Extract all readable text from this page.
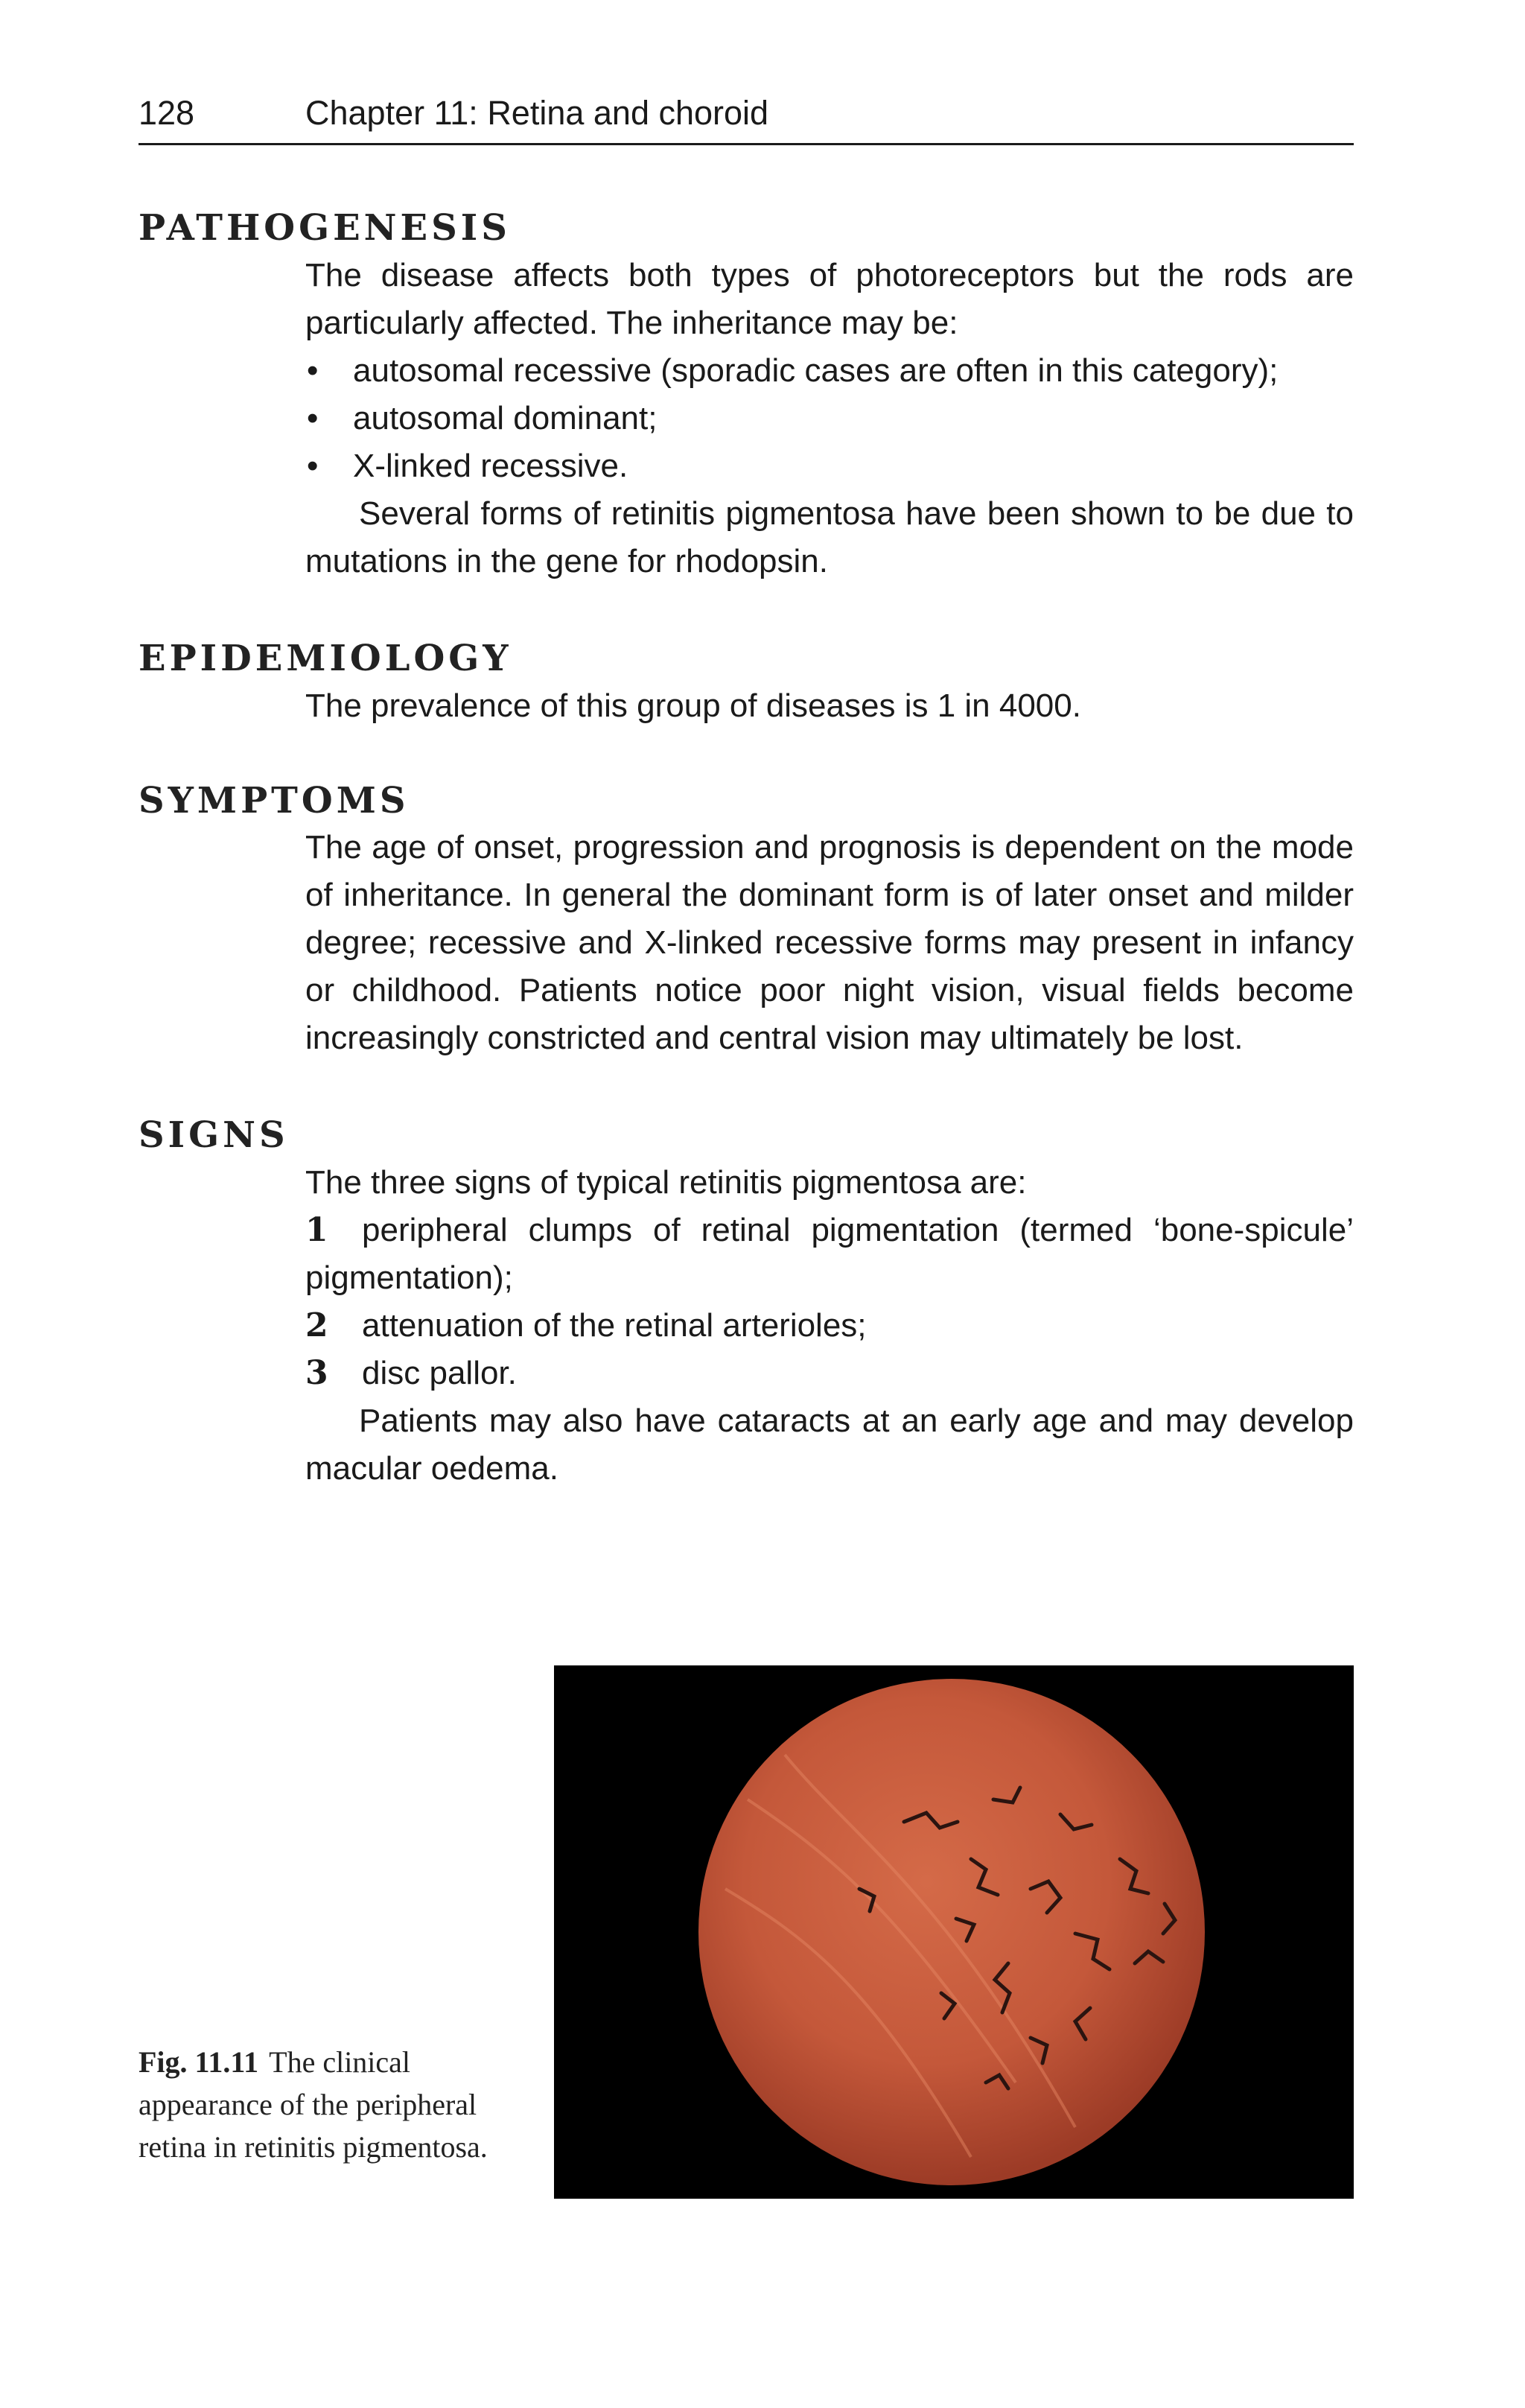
128	Chapter 11: Retina and choroid
PATHOGENESIS

The disease affects both types of photoreceptors but the rods are particularly affected. The inheritance may be:

• autosomal recessive (sporadic cases are often in this category);
• autosomal dominant;
• X-linked recessive.

Several forms of retinitis pigmentosa have been shown to be due to mutations in the gene for rhodopsin.

EPIDEMIOLOGY

The prevalence of this group of diseases is 1 in 4000.

SYMPTOMS

The age of onset, progression and prognosis is dependent on the mode of inheritance. In general the dominant form is of later onset and milder degree; recessive and X-linked recessive forms may present in infancy or childhood. Patients notice poor night vision, visual fields become increasingly constricted and central vision may ultimately be lost.

SIGNS

The three signs of typical retinitis pigmentosa are:

1 peripheral clumps of retinal pigmentation (termed ‘bone-spicule’ pigmentation);
2 attenuation of the retinal arterioles;
3 disc pallor.

Patients may also have cataracts at an early age and may develop macular oedema.

Fig. 11.11 The clinical appearance of the peripheral retina in retinitis pigmentosa.
